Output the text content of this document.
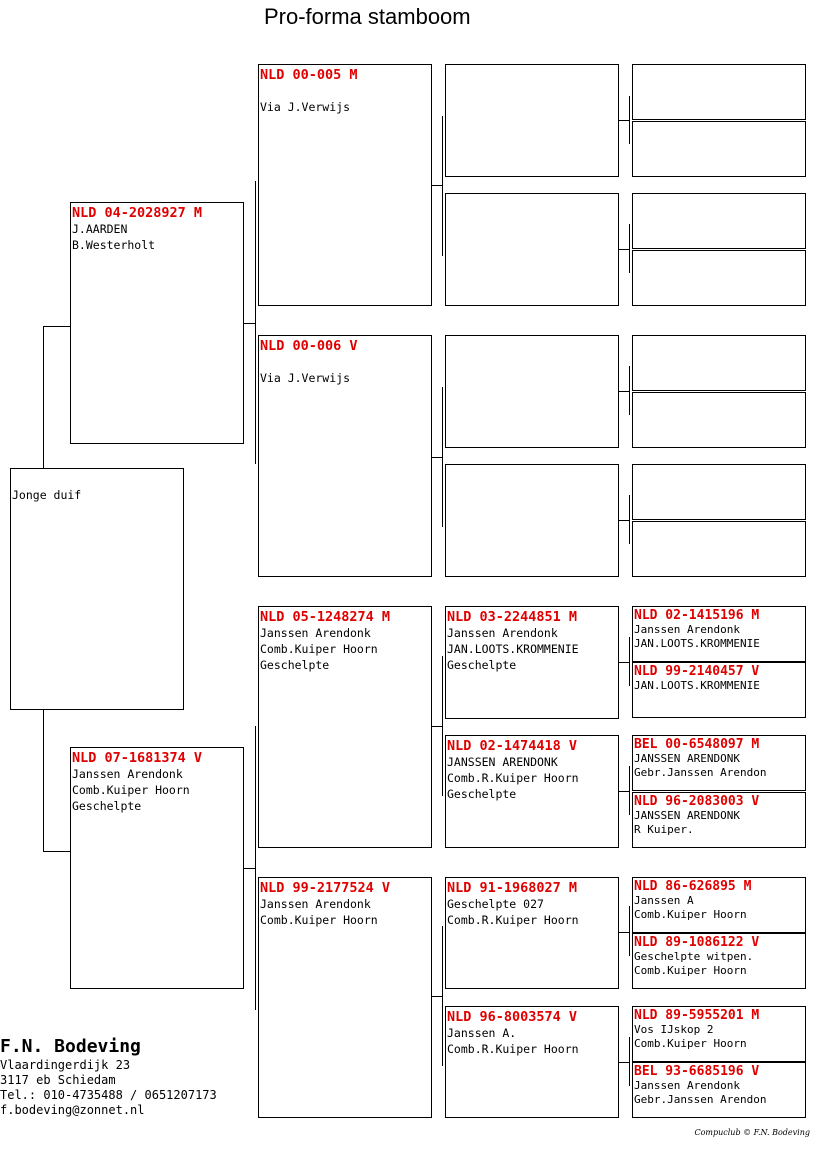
Pro-forma stamboom
Jonge duif
NLD 04-2028927 M
J.AARDEN
B.Westerholt
NLD 07-1681374 V
Janssen Arendonk
Comb.Kuiper Hoorn
Geschelpte
NLD 00-005 M
Via J.Verwijs
NLD 00-006 V
Via J.Verwijs
NLD 05-1248274 M
Janssen Arendonk
Comb.Kuiper Hoorn
Geschelpte
NLD 99-2177524 V
Janssen Arendonk
Comb.Kuiper Hoorn
NLD 03-2244851 M
Janssen Arendonk
JAN.LOOTS.KROMMENIE
Geschelpte
NLD 02-1474418 V
JANSSEN ARENDONK
Comb.R.Kuiper Hoorn
Geschelpte
NLD 91-1968027 M
Geschelpte 027
Comb.R.Kuiper Hoorn
NLD 96-8003574 V
Janssen A.
Comb.R.Kuiper Hoorn
NLD 02-1415196 M
Janssen Arendonk
JAN.LOOTS.KROMMENIE
NLD 99-2140457 V
JAN.LOOTS.KROMMENIE
BEL 00-6548097 M
JANSSEN ARENDONK
Gebr.Janssen Arendon
NLD 96-2083003 V
JANSSEN ARENDONK
R Kuiper.
NLD 86-626895 M
Janssen A
Comb.Kuiper Hoorn
NLD 89-1086122 V
Geschelpte witpen.
Comb.Kuiper Hoorn
NLD 89-5955201 M
Vos IJskop 2
Comb.Kuiper Hoorn
BEL 93-6685196 V
Janssen Arendonk
Gebr.Janssen Arendon
F.N. Bodeving
Vlaardingerdijk 23
3117 eb Schiedam
Tel.: 010-4735488 / 0651207173
f.bodeving@zonnet.nl
Compuclub © F.N. Bodeving
